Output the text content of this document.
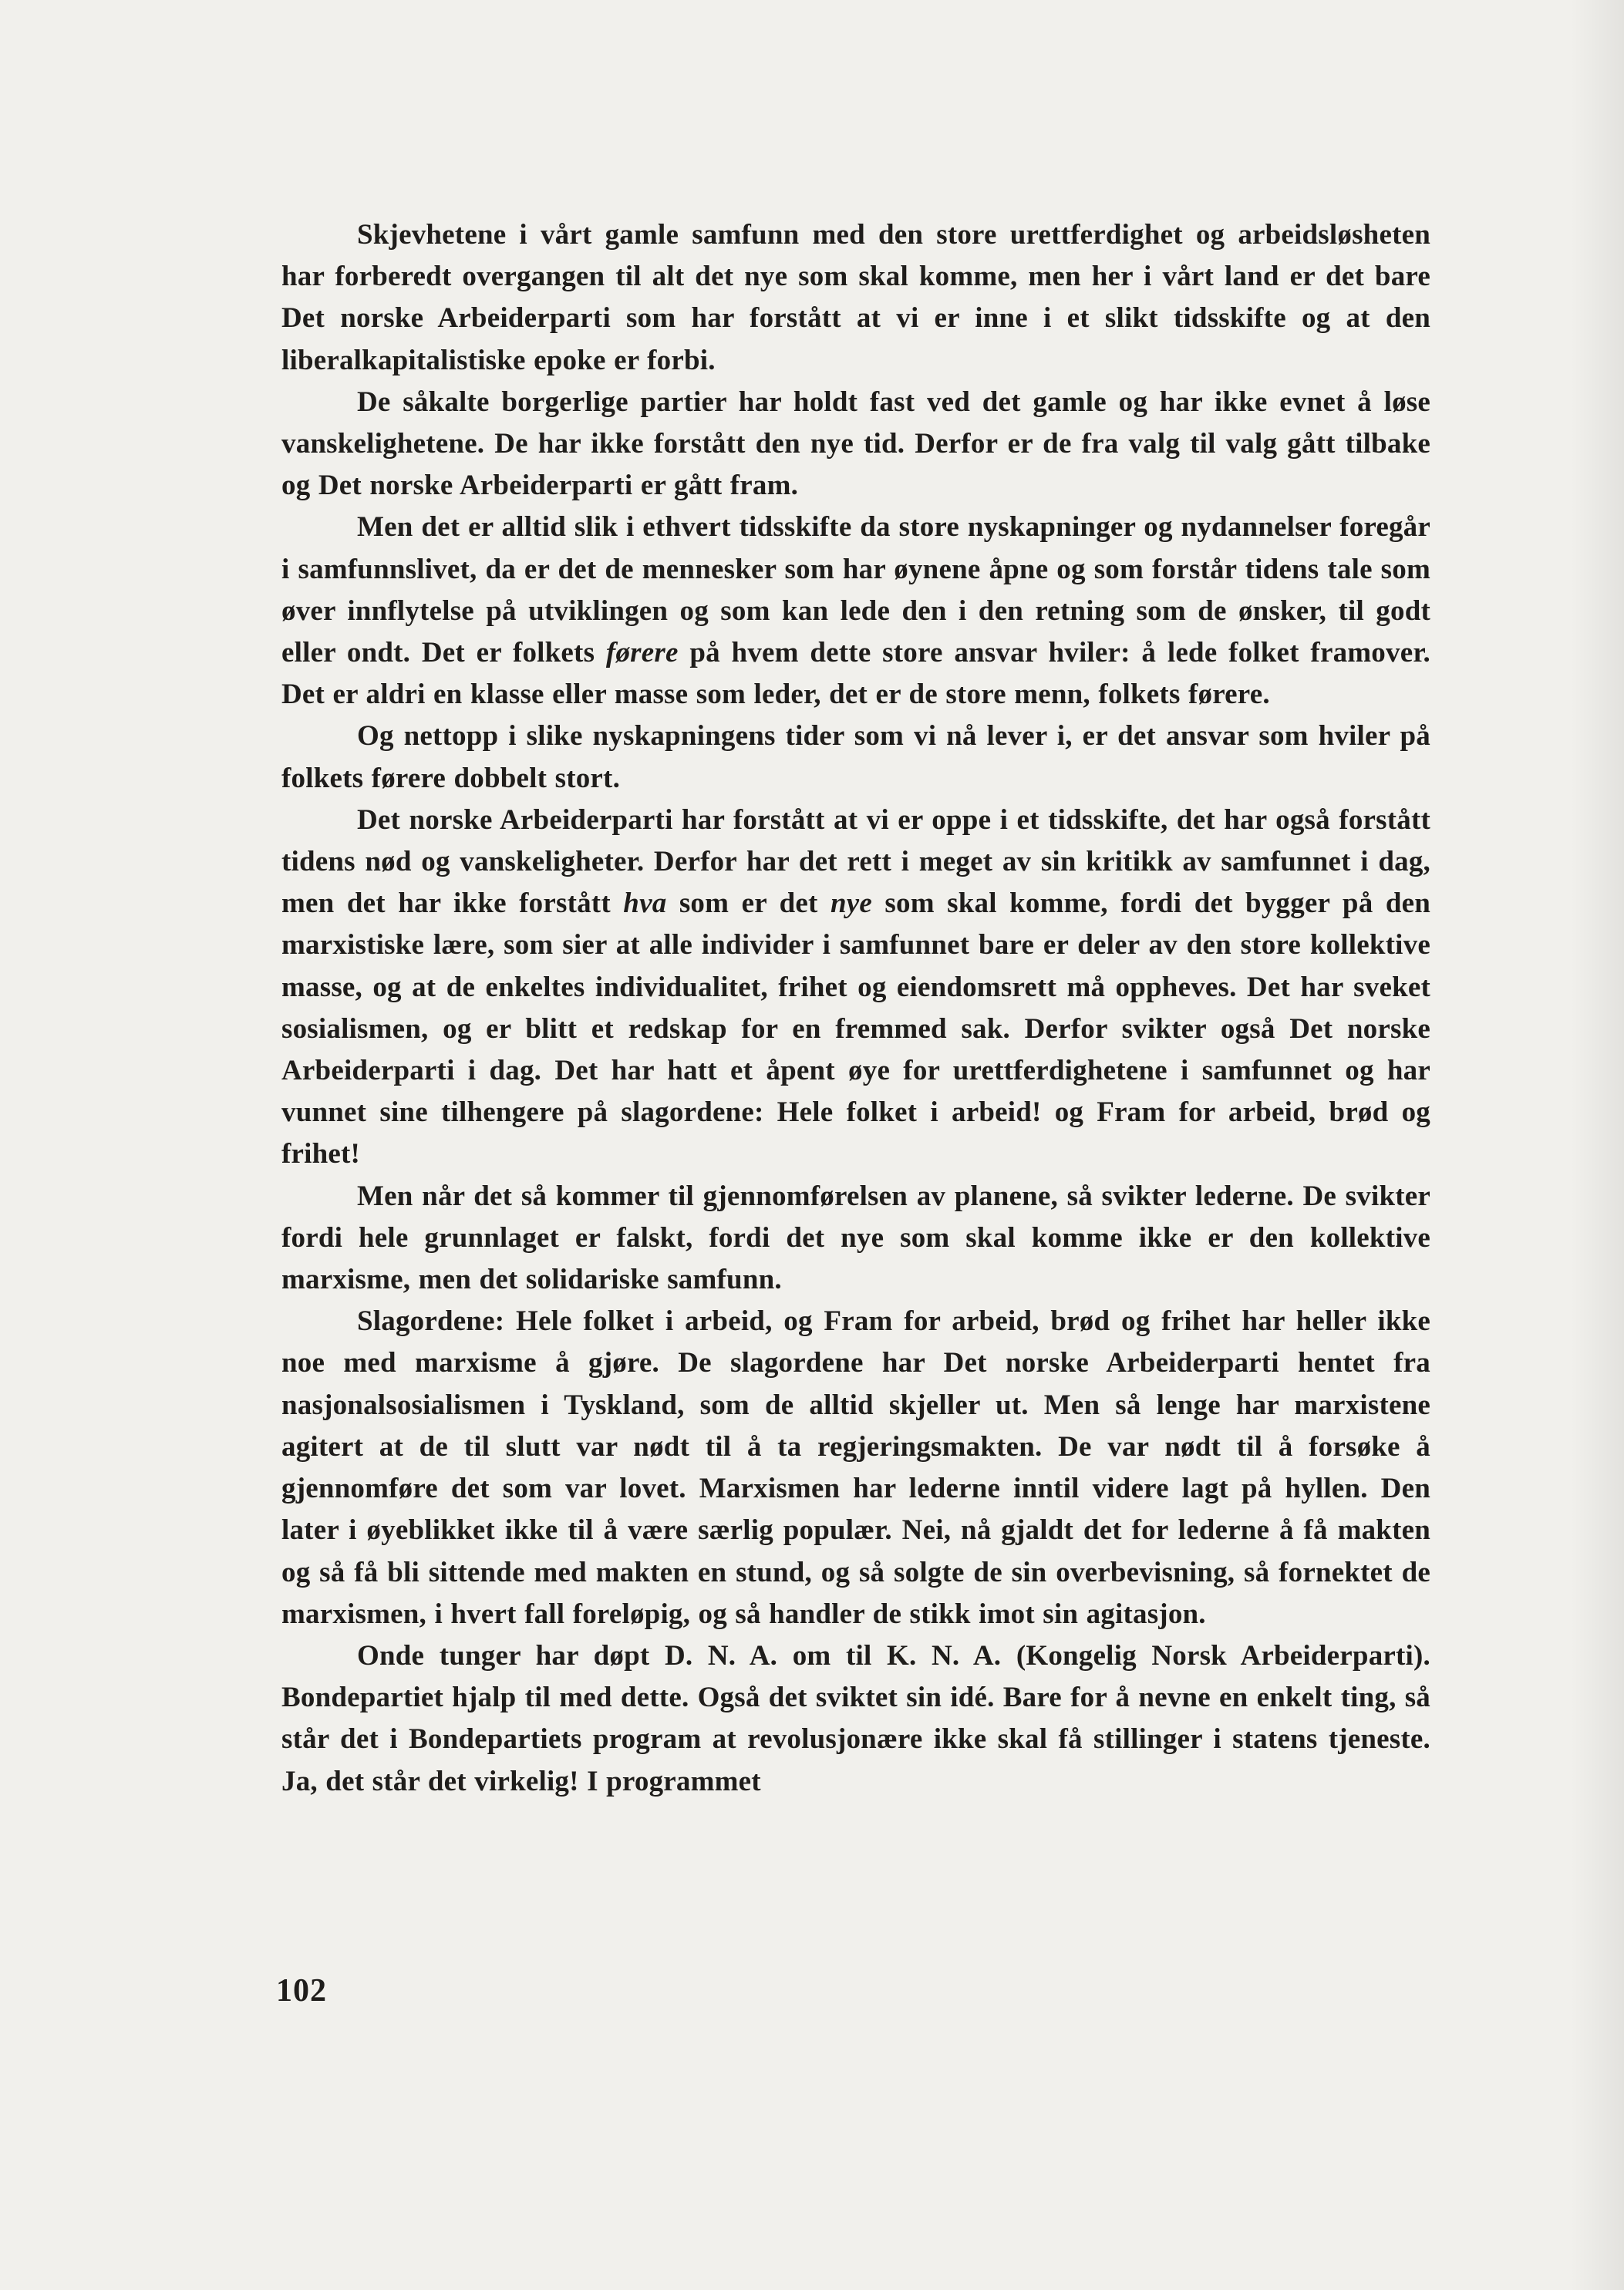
Skjevhetene i vårt gamle samfunn med den store urettferdighet og arbeidsløsheten har forberedt overgangen til alt det nye som skal komme, men her i vårt land er det bare Det norske Arbeiderparti som har forstått at vi er inne i et slikt tidsskifte og at den liberalkapitalistiske epoke er forbi.

De såkalte borgerlige partier har holdt fast ved det gamle og har ikke evnet å løse vanskelighetene. De har ikke forstått den nye tid. Derfor er de fra valg til valg gått tilbake og Det norske Arbeiderparti er gått fram.

Men det er alltid slik i ethvert tidsskifte da store nyskapninger og nydannelser foregår i samfunnslivet, da er det de mennesker som har øynene åpne og som forstår tidens tale som øver innflytelse på utviklingen og som kan lede den i den retning som de ønsker, til godt eller ondt. Det er folkets førere på hvem dette store ansvar hviler: å lede folket framover. Det er aldri en klasse eller masse som leder, det er de store menn, folkets førere.

Og nettopp i slike nyskapningens tider som vi nå lever i, er det ansvar som hviler på folkets førere dobbelt stort.

Det norske Arbeiderparti har forstått at vi er oppe i et tidsskifte, det har også forstått tidens nød og vanskeligheter. Derfor har det rett i meget av sin kritikk av samfunnet i dag, men det har ikke forstått hva som er det nye som skal komme, fordi det bygger på den marxistiske lære, som sier at alle individer i samfunnet bare er deler av den store kollektive masse, og at de enkeltes individualitet, frihet og eiendomsrett må oppheves. Det har sveket sosialismen, og er blitt et redskap for en fremmed sak. Derfor svikter også Det norske Arbeiderparti i dag. Det har hatt et åpent øye for urettferdighetene i samfunnet og har vunnet sine tilhengere på slagordene: Hele folket i arbeid! og Fram for arbeid, brød og frihet!

Men når det så kommer til gjennomførelsen av planene, så svikter lederne. De svikter fordi hele grunnlaget er falskt, fordi det nye som skal komme ikke er den kollektive marxisme, men det solidariske samfunn.

Slagordene: Hele folket i arbeid, og Fram for arbeid, brød og frihet har heller ikke noe med marxisme å gjøre. De slagordene har Det norske Arbeiderparti hentet fra nasjonalsosialismen i Tyskland, som de alltid skjeller ut. Men så lenge har marxistene agitert at de til slutt var nødt til å ta regjeringsmakten. De var nødt til å forsøke å gjennomføre det som var lovet. Marxismen har lederne inntil videre lagt på hyllen. Den later i øyeblikket ikke til å være særlig populær. Nei, nå gjaldt det for lederne å få makten og så få bli sittende med makten en stund, og så solgte de sin overbevisning, så fornektet de marxismen, i hvert fall foreløpig, og så handler de stikk imot sin agitasjon.

Onde tunger har døpt D. N. A. om til K. N. A. (Kongelig Norsk Arbeiderparti). Bondepartiet hjalp til med dette. Også det sviktet sin idé. Bare for å nevne en enkelt ting, så står det i Bondepartiets program at revolusjonære ikke skal få stillinger i statens tjeneste. Ja, det står det virkelig! I programmet

102
